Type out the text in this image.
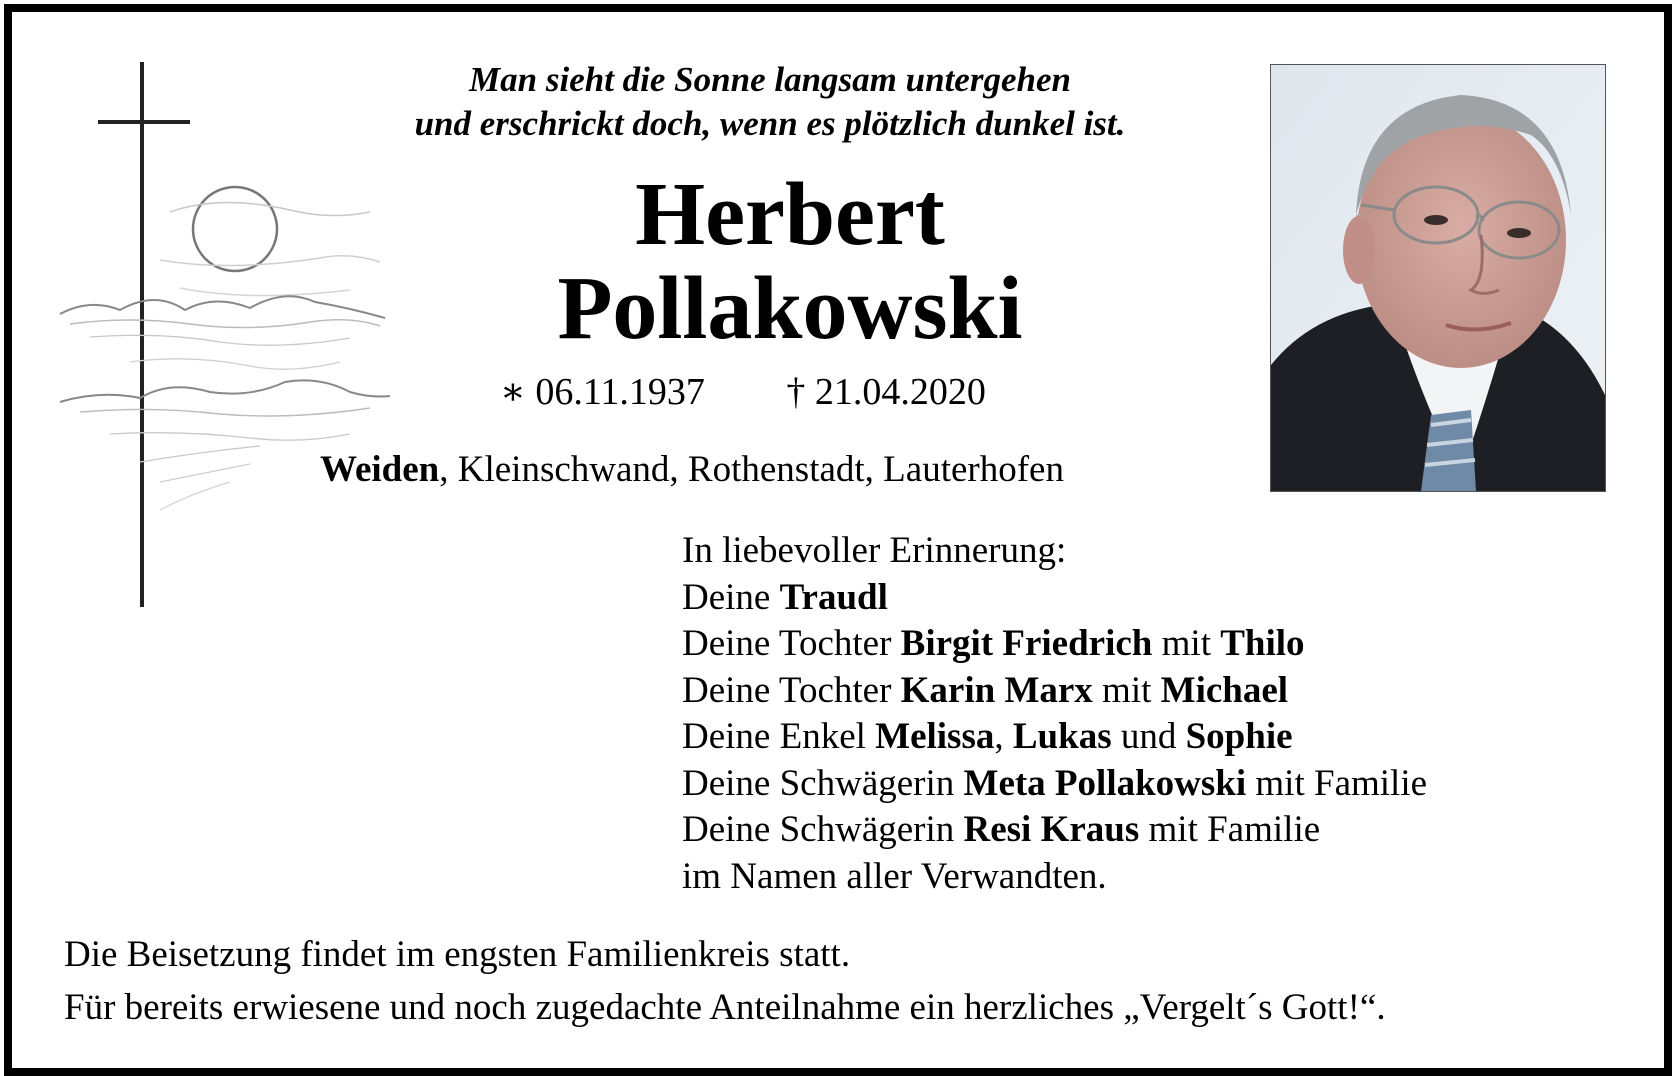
Man sieht die Sonne langsam untergehen
und erschrickt doch, wenn es plötzlich dunkel ist.
Herbert
Pollakowski
∗ 06.11.1937 † 21.04.2020
Weiden, Kleinschwand, Rothenstadt, Lauterhofen
In liebevoller Erinnerung:
Deine Traudl
Deine Tochter Birgit Friedrich mit Thilo
Deine Tochter Karin Marx mit Michael
Deine Enkel Melissa, Lukas und Sophie
Deine Schwägerin Meta Pollakowski mit Familie
Deine Schwägerin Resi Kraus mit Familie
im Namen aller Verwandten.
Die Beisetzung findet im engsten Familienkreis statt.
Für bereits erwiesene und noch zugedachte Anteilnahme ein herzliches „Vergelt´s Gott!“.
